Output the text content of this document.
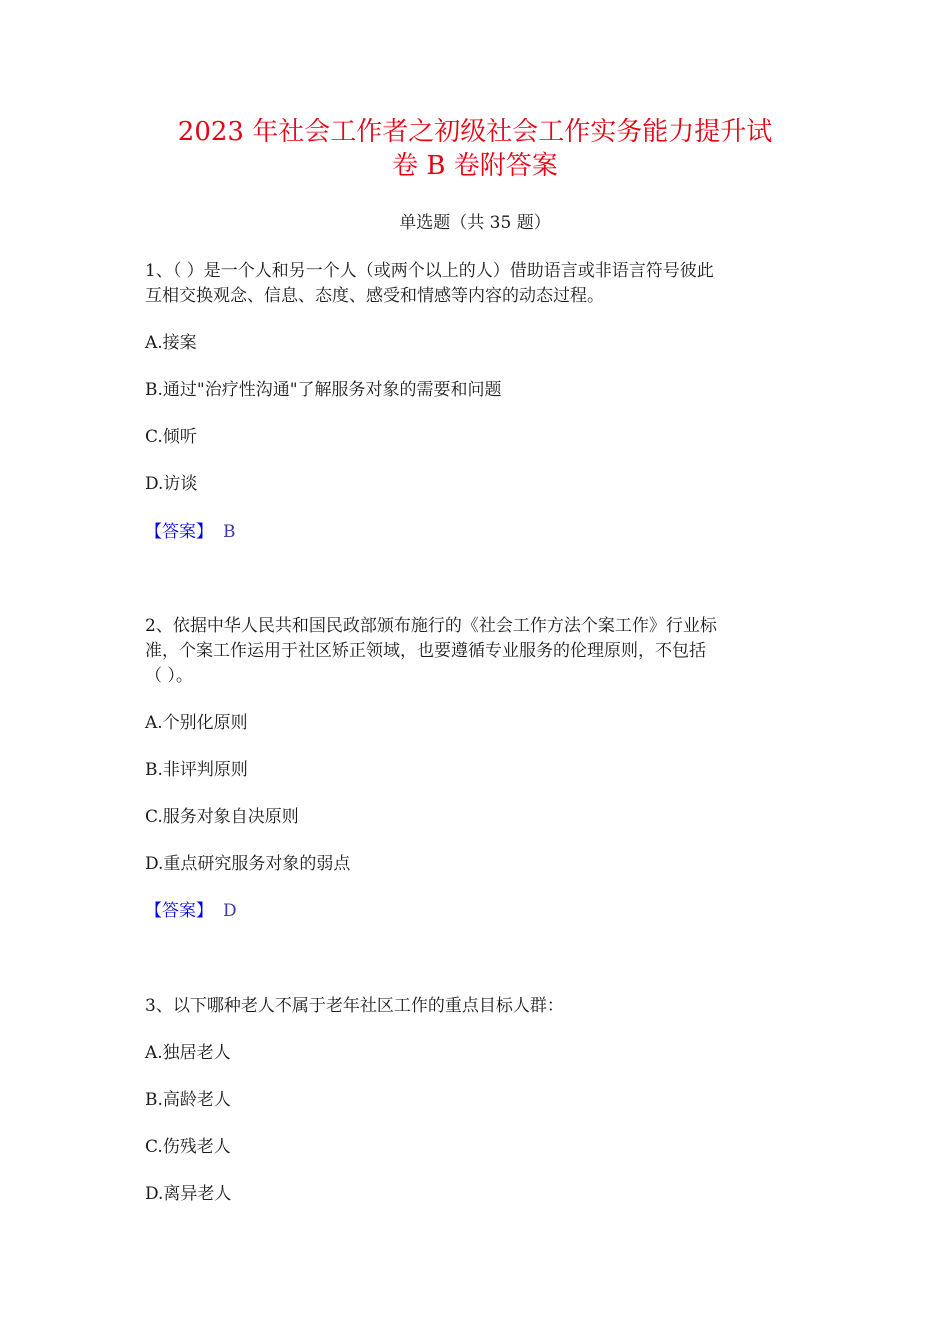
2023 年社会工作者之初级社会工作实务能力提升试
卷 B 卷附答案
单选题（共 35 题）
1、（ ）是一个人和另一个人（或两个以上的人）借助语言或非语言符号彼此
互相交换观念、信息、态度、感受和情感等内容的动态过程。
A.接案
B.通过"治疗性沟通"了解服务对象的需要和问题
C.倾听
D.访谈
【答案】 B
2、依据中华人民共和国民政部颁布施行的《社会工作方法个案工作》行业标
准，个案工作运用于社区矫正领域，也要遵循专业服务的伦理原则，不包括
（ ）。
A.个别化原则
B.非评判原则
C.服务对象自决原则
D.重点研究服务对象的弱点
【答案】 D
3、以下哪种老人不属于老年社区工作的重点目标人群：
A.独居老人
B.高龄老人
C.伤残老人
D.离异老人
